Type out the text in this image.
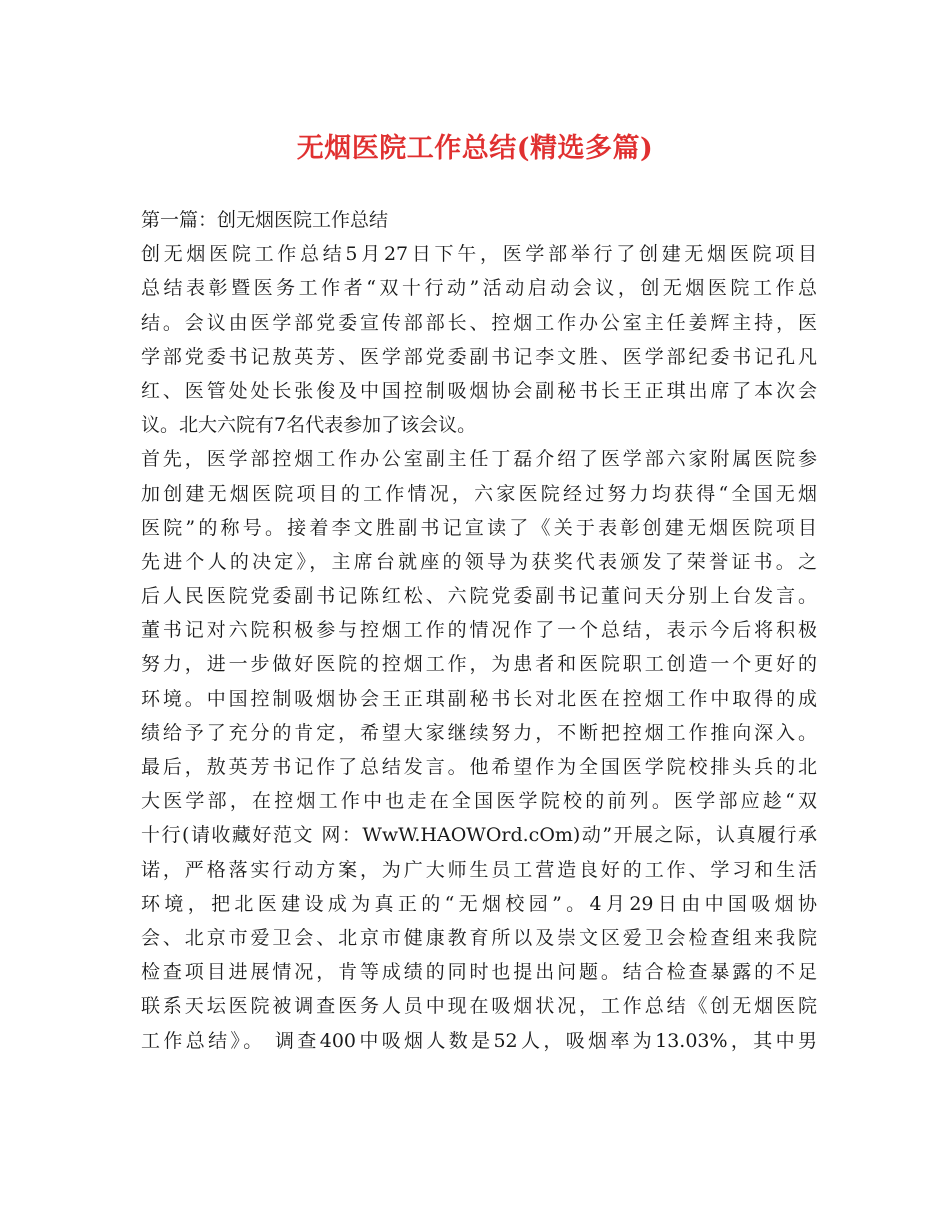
无烟医院工作总结(精选多篇)
第一篇：创无烟医院工作总结
创无烟医院工作总结5月27日下午，医学部举行了创建无烟医院项目
总结表彰暨医务工作者“双十行动”活动启动会议，创无烟医院工作总
结。会议由医学部党委宣传部部长、控烟工作办公室主任姜辉主持，医
学部党委书记敖英芳、医学部党委副书记李文胜、医学部纪委书记孔凡
红、医管处处长张俊及中国控制吸烟协会副秘书长王正琪出席了本次会
议。北大六院有7名代表参加了该会议。
首先，医学部控烟工作办公室副主任丁磊介绍了医学部六家附属医院参
加创建无烟医院项目的工作情况，六家医院经过努力均获得“全国无烟
医院”的称号。接着李文胜副书记宣读了《关于表彰创建无烟医院项目
先进个人的决定》，主席台就座的领导为获奖代表颁发了荣誉证书。之
后人民医院党委副书记陈红松、六院党委副书记董问天分别上台发言。
董书记对六院积极参与控烟工作的情况作了一个总结，表示今后将积极
努力，进一步做好医院的控烟工作，为患者和医院职工创造一个更好的
环境。中国控制吸烟协会王正琪副秘书长对北医在控烟工作中取得的成
绩给予了充分的肯定，希望大家继续努力，不断把控烟工作推向深入。
最后，敖英芳书记作了总结发言。他希望作为全国医学院校排头兵的北
大医学部，在控烟工作中也走在全国医学院校的前列。医学部应趁“双
十行(请收藏好范文 网：WwW.HAOWOrd.cOm)动”开展之际，认真履行承
诺，严格落实行动方案，为广大师生员工营造良好的工作、学习和生活
环境，把北医建设成为真正的“无烟校园”。4月29日由中国吸烟协
会、北京市爱卫会、北京市健康教育所以及崇文区爱卫会检查组来我院
检查项目进展情况，肯等成绩的同时也提出问题。结合检查暴露的不足
联系天坛医院被调查医务人员中现在吸烟状况，工作总结《创无烟医院
工作总结》。 调查400中吸烟人数是52人，吸烟率为13.03%，其中男
